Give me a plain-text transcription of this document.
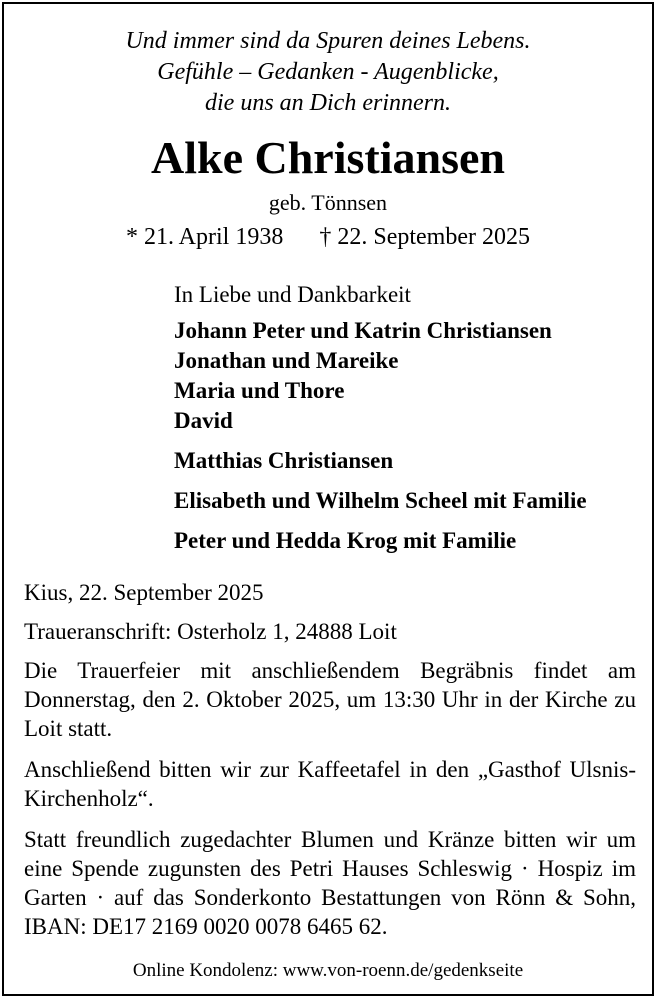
Und immer sind da Spuren deines Lebens.
Gefühle – Gedanken - Augenblicke,
die uns an Dich erinnern.
Alke Christiansen
geb. Tönnsen
* 21. April 1938 † 22. September 2025
In Liebe und Dankbarkeit
Johann Peter und Katrin Christiansen
Jonathan und Mareike
Maria und Thore
David
Matthias Christiansen
Elisabeth und Wilhelm Scheel mit Familie
Peter und Hedda Krog mit Familie

Kius, 22. September 2025

Traueranschrift: Osterholz 1, 24888 Loit

Die Trauerfeier mit anschließendem Begräbnis findet am Donnerstag, den 2. Oktober 2025, um 13:30 Uhr in der Kirche zu Loit statt.

Anschließend bitten wir zur Kaffeetafel in den „Gasthof Ulsnis-Kirchenholz“.

Statt freundlich zugedachter Blumen und Kränze bitten wir um eine Spende zugunsten des Petri Hauses Schleswig · Hospiz im Garten · auf das Sonderkonto Bestattungen von Rönn & Sohn, IBAN: DE17 2169 0020 0078 6465 62.

Online Kondolenz: www.von-roenn.de/gedenkseite
